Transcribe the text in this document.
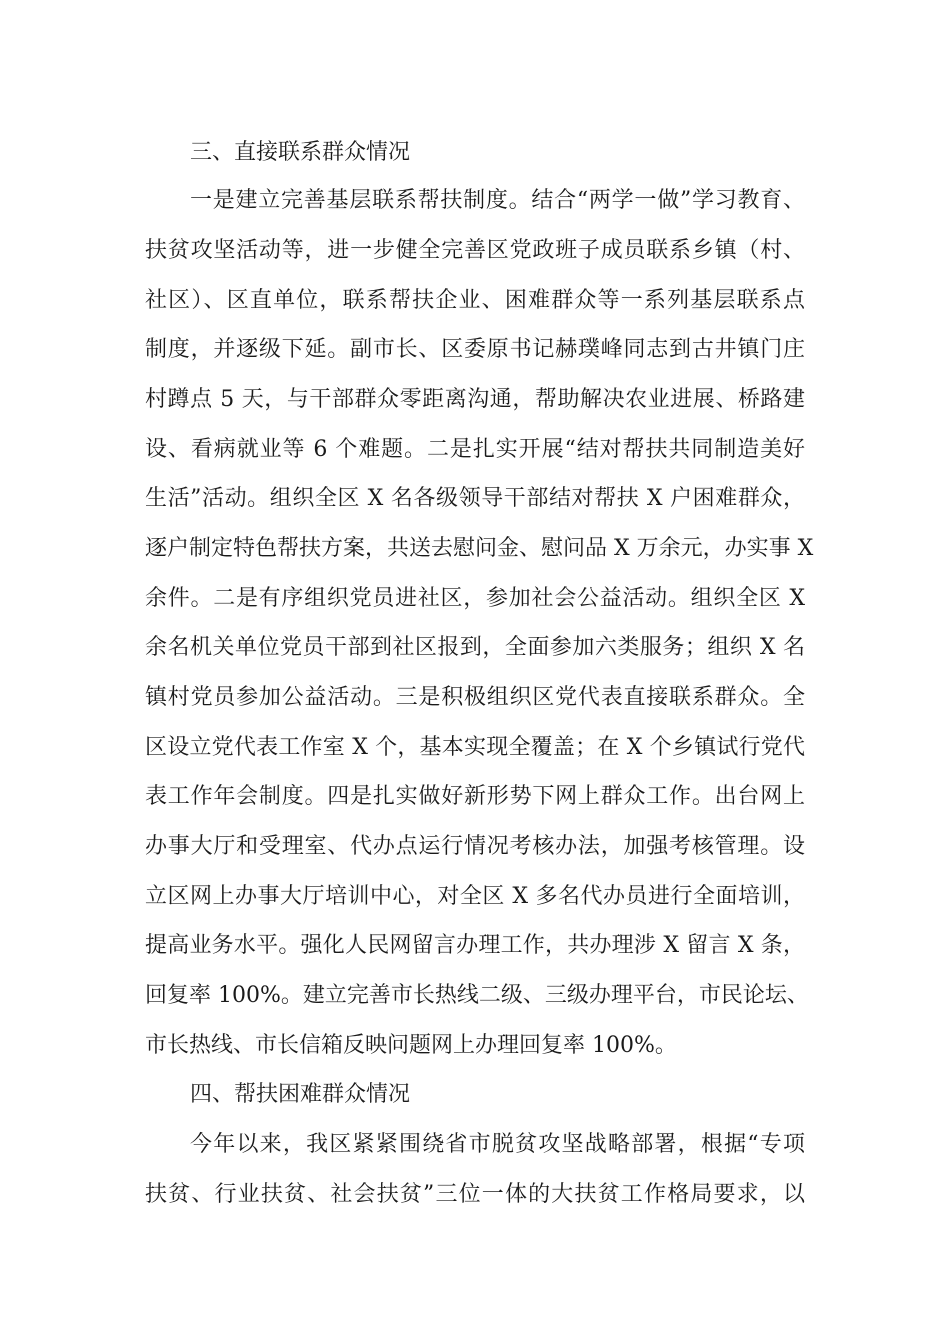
三、直接联系群众情况
一是建立完善基层联系帮扶制度。结合“两学一做”学习教育、
扶贫攻坚活动等，进一步健全完善区党政班子成员联系乡镇（村、
社区）、区直单位，联系帮扶企业、困难群众等一系列基层联系点
制度，并逐级下延。副市长、区委原书记赫璞峰同志到古井镇门庄
村蹲点 5 天，与干部群众零距离沟通，帮助解决农业进展、桥路建
设、看病就业等 6 个难题。二是扎实开展“结对帮扶共同制造美好
生活”活动。组织全区 X 名各级领导干部结对帮扶 X 户困难群众，
逐户制定特色帮扶方案，共送去慰问金、慰问品 X 万余元，办实事 X
余件。二是有序组织党员进社区，参加社会公益活动。组织全区 X
余名机关单位党员干部到社区报到，全面参加六类服务；组织 X 名
镇村党员参加公益活动。三是积极组织区党代表直接联系群众。全
区设立党代表工作室 X 个，基本实现全覆盖；在 X 个乡镇试行党代
表工作年会制度。四是扎实做好新形势下网上群众工作。出台网上
办事大厅和受理室、代办点运行情况考核办法，加强考核管理。设
立区网上办事大厅培训中心，对全区 X 多名代办员进行全面培训，
提高业务水平。强化人民网留言办理工作，共办理涉 X 留言 X 条，
回复率 100%。建立完善市长热线二级、三级办理平台，市民论坛、
市长热线、市长信箱反映问题网上办理回复率 100%。
四、帮扶困难群众情况
今年以来，我区紧紧围绕省市脱贫攻坚战略部署，根据“专项
扶贫、行业扶贫、社会扶贫”三位一体的大扶贫工作格局要求，以
